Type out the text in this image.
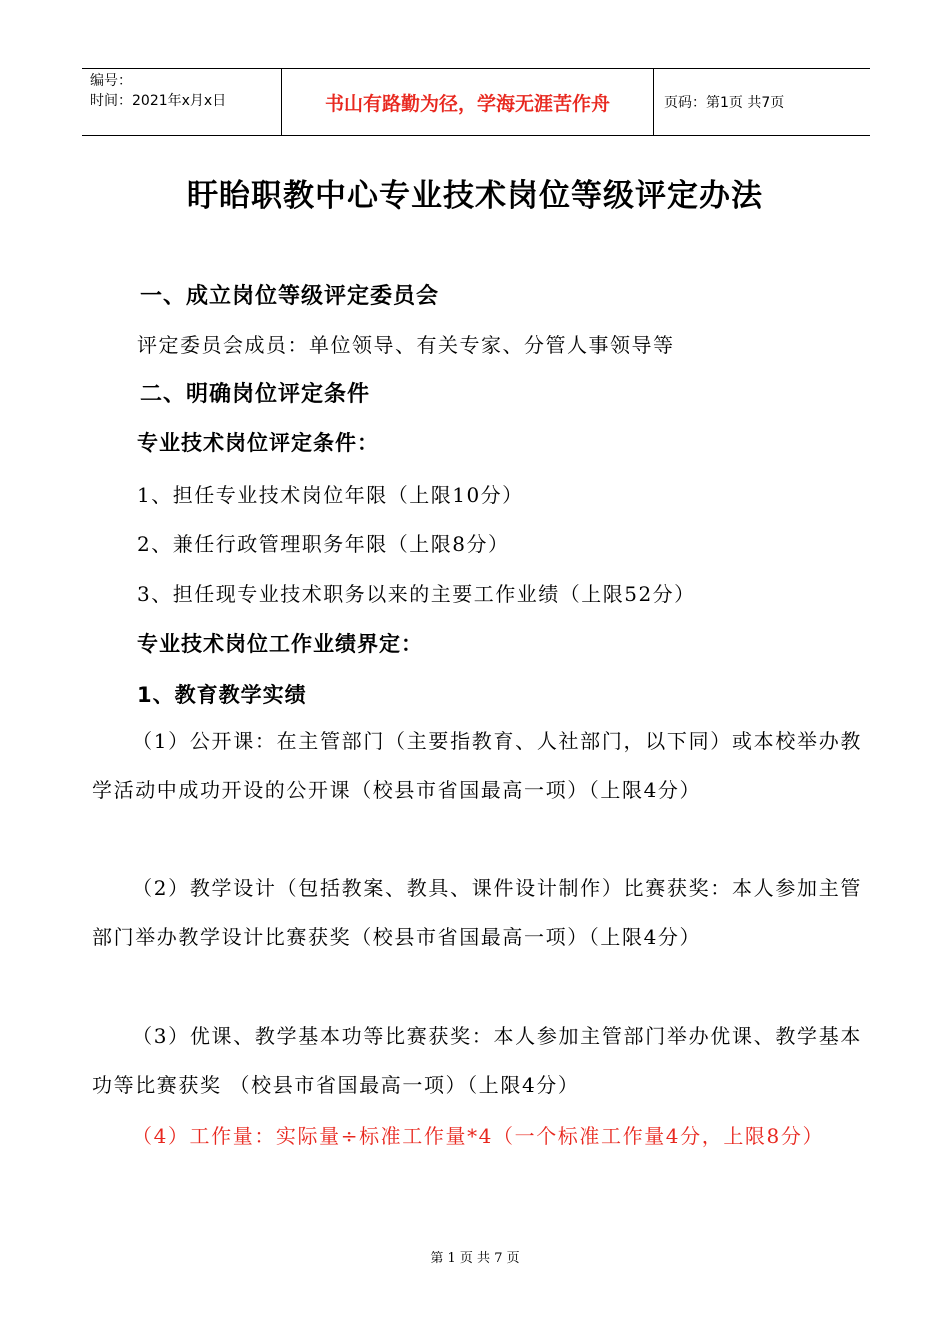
编号：
时间：2021年x月x日	书山有路勤为径，学海无涯苦作舟	页码：第1页 共7页
盱眙职教中心专业技术岗位等级评定办法
一、成立岗位等级评定委员会
评定委员会成员：单位领导、有关专家、分管人事领导等
二、明确岗位评定条件
专业技术岗位评定条件：
1、担任专业技术岗位年限（上限10分）
2、兼任行政管理职务年限（上限8分）
3、担任现专业技术职务以来的主要工作业绩（上限52分）
专业技术岗位工作业绩界定：
1、教育教学实绩
（1）公开课：在主管部门（主要指教育、人社部门，以下同）或本校举办教学活动中成功开设的公开课（校县市省国最高一项）（上限4分）
（2）教学设计（包括教案、教具、课件设计制作）比赛获奖：本人参加主管部门举办教学设计比赛获奖（校县市省国最高一项）（上限4分）
（3）优课、教学基本功等比赛获奖：本人参加主管部门举办优课、教学基本功等比赛获奖 （校县市省国最高一项）（上限4分）
（4）工作量：实际量÷标准工作量*4（一个标准工作量4分，上限8分）
第 1 页 共 7 页
